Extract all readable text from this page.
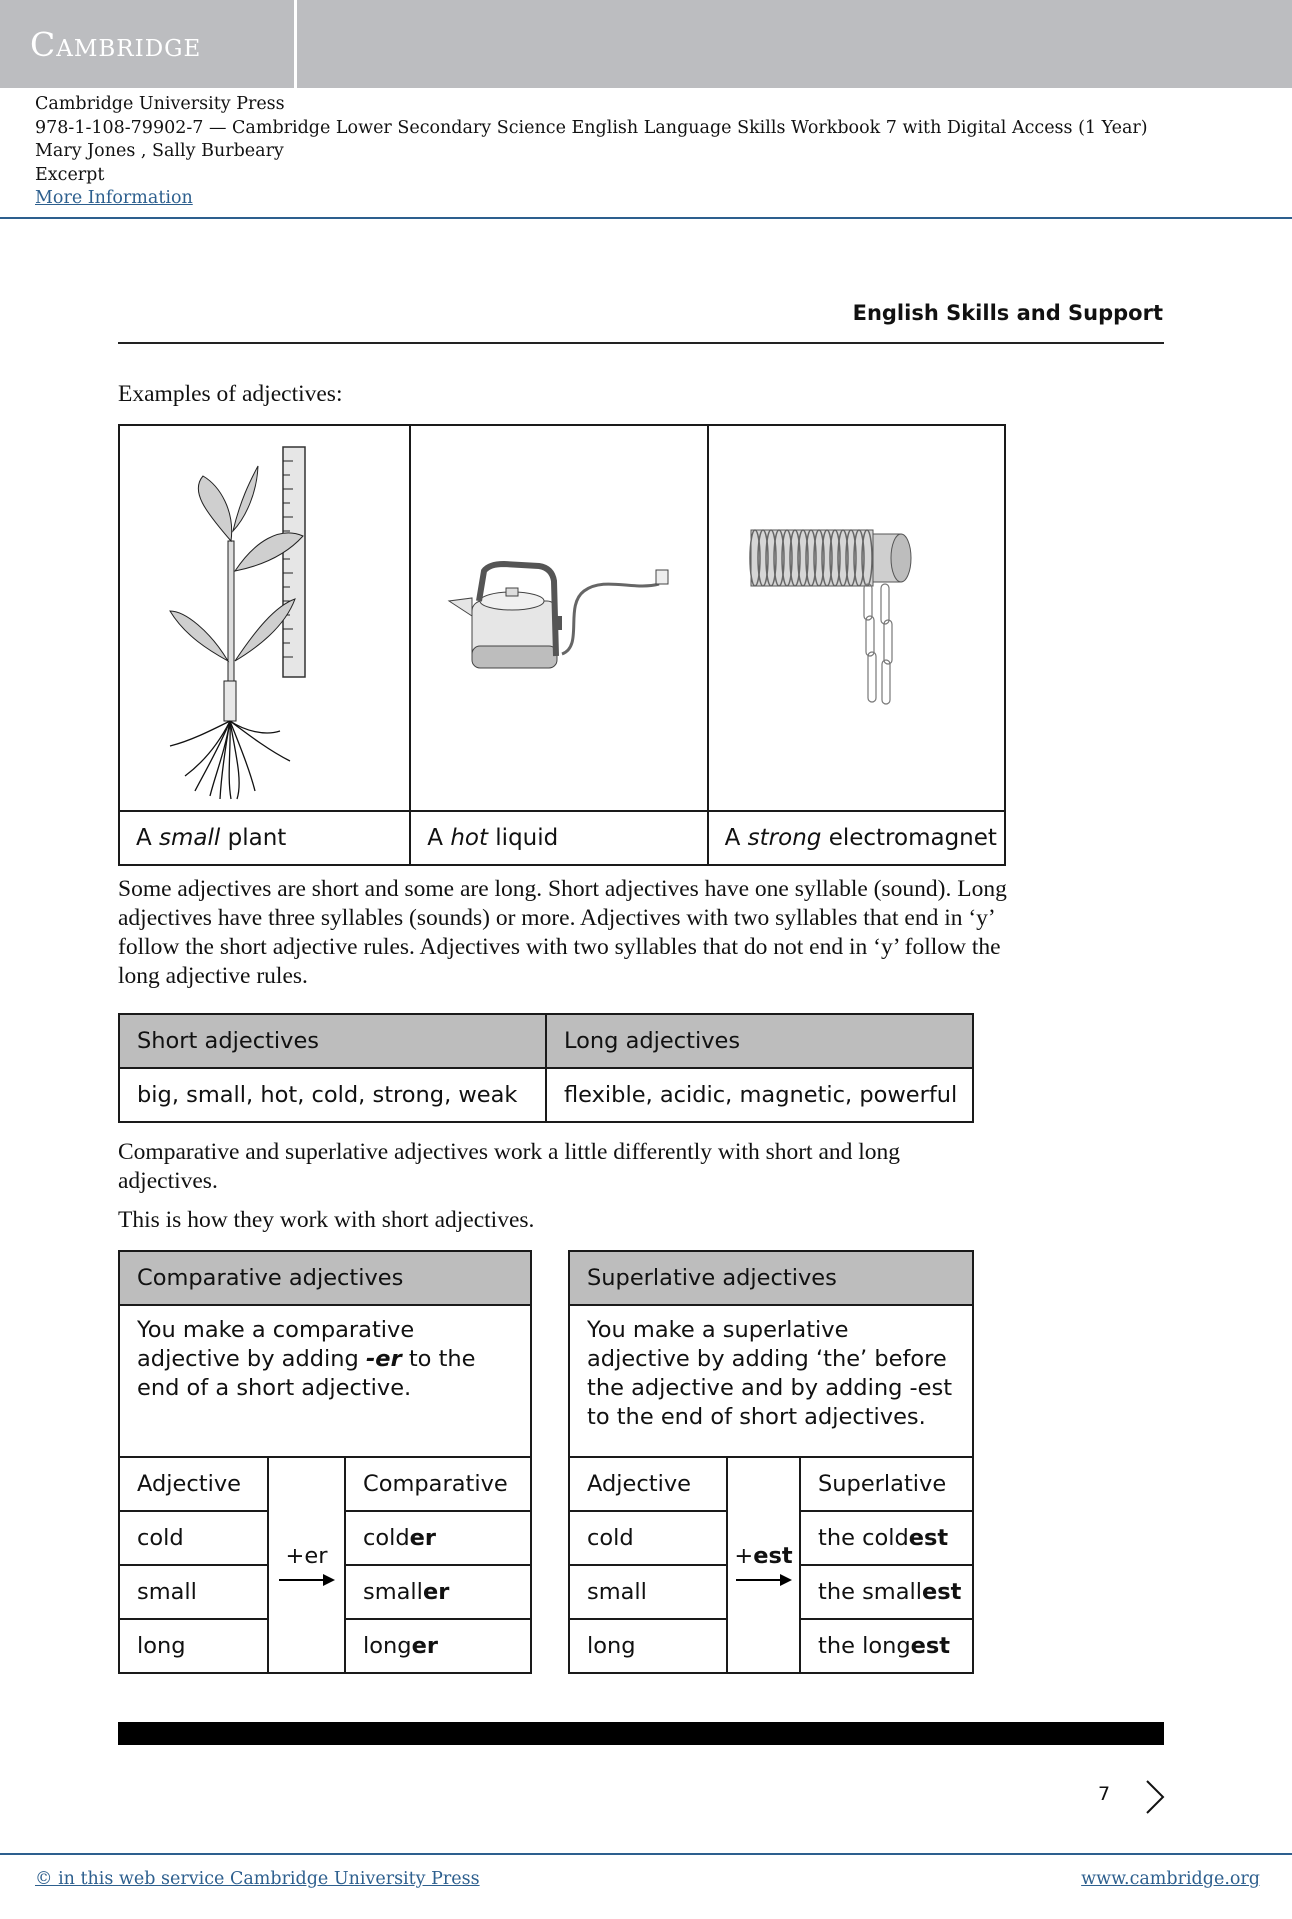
Cambridge
Cambridge University Press
978-1-108-79902-7 — Cambridge Lower Secondary Science English Language Skills Workbook 7 with Digital Access (1 Year)
Mary Jones , Sally Burbeary
Excerpt
More Information
English Skills and Support
Examples of adjectives:

A small plant	A hot liquid	A strong electromagnet
Some adjectives are short and some are long. Short adjectives have one syllable (sound). Long adjectives have three syllables (sounds) or more. Adjectives with two syllables that end in ‘y’ follow the short adjective rules. Adjectives with two syllables that do not end in ‘y’ follow the long adjective rules.
Short adjectives	Long adjectives
big, small, hot, cold, strong, weak	flexible, acidic, magnetic, powerful
Comparative and superlative adjectives work a little differently with short and long adjectives.
This is how they work with short adjectives.
Comparative adjectives		
You make a comparative adjective by adding -er to the end of a short adjective.		
Adjective	+er	Comparative
cold		colder
small		smaller
long		longer
Superlative adjectives		
You make a superlative adjective by adding ‘the’ before the adjective and by adding -est to the end of short adjectives.		
Adjective	+est	Superlative
cold		the coldest
small		the smallest
long		the longest
7
© in this web service Cambridge University Press	www.cambridge.org
